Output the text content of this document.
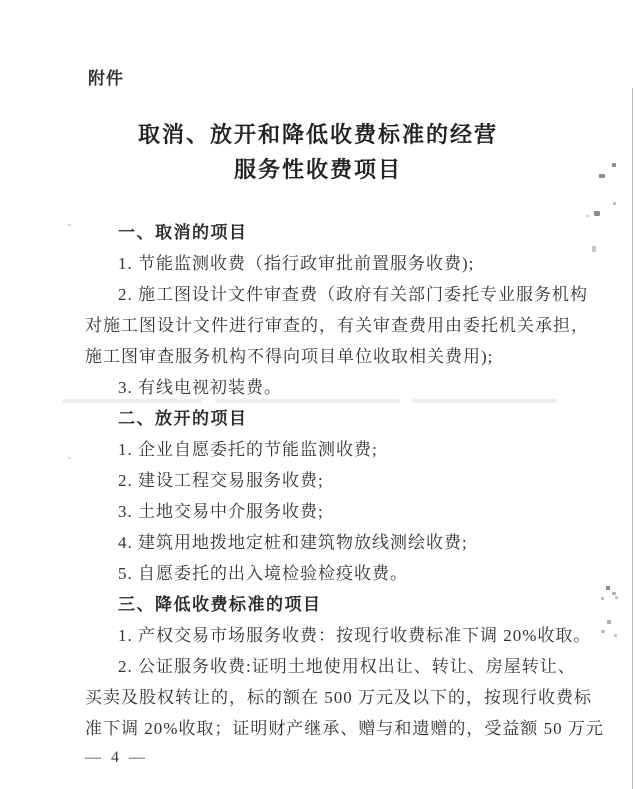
附件
取消、放开和降低收费标准的经营
服务性收费项目
一、取消的项目
1. 节能监测收费（指行政审批前置服务收费);
2. 施工图设计文件审查费（政府有关部门委托专业服务机构
对施工图设计文件进行审查的，有关审查费用由委托机关承担，
施工图审查服务机构不得向项目单位收取相关费用);
3. 有线电视初装费。
二、放开的项目
1. 企业自愿委托的节能监测收费;
2. 建设工程交易服务收费;
3. 土地交易中介服务收费;
4. 建筑用地拨地定桩和建筑物放线测绘收费;
5. 自愿委托的出入境检验检疫收费。
三、降低收费标准的项目
1. 产权交易市场服务收费：按现行收费标准下调 20%收取。
2. 公证服务收费:证明土地使用权出让、转让、房屋转让、
买卖及股权转让的，标的额在 500 万元及以下的，按现行收费标
准下调 20%收取；证明财产继承、赠与和遗赠的，受益额 50 万元
— 4 —
